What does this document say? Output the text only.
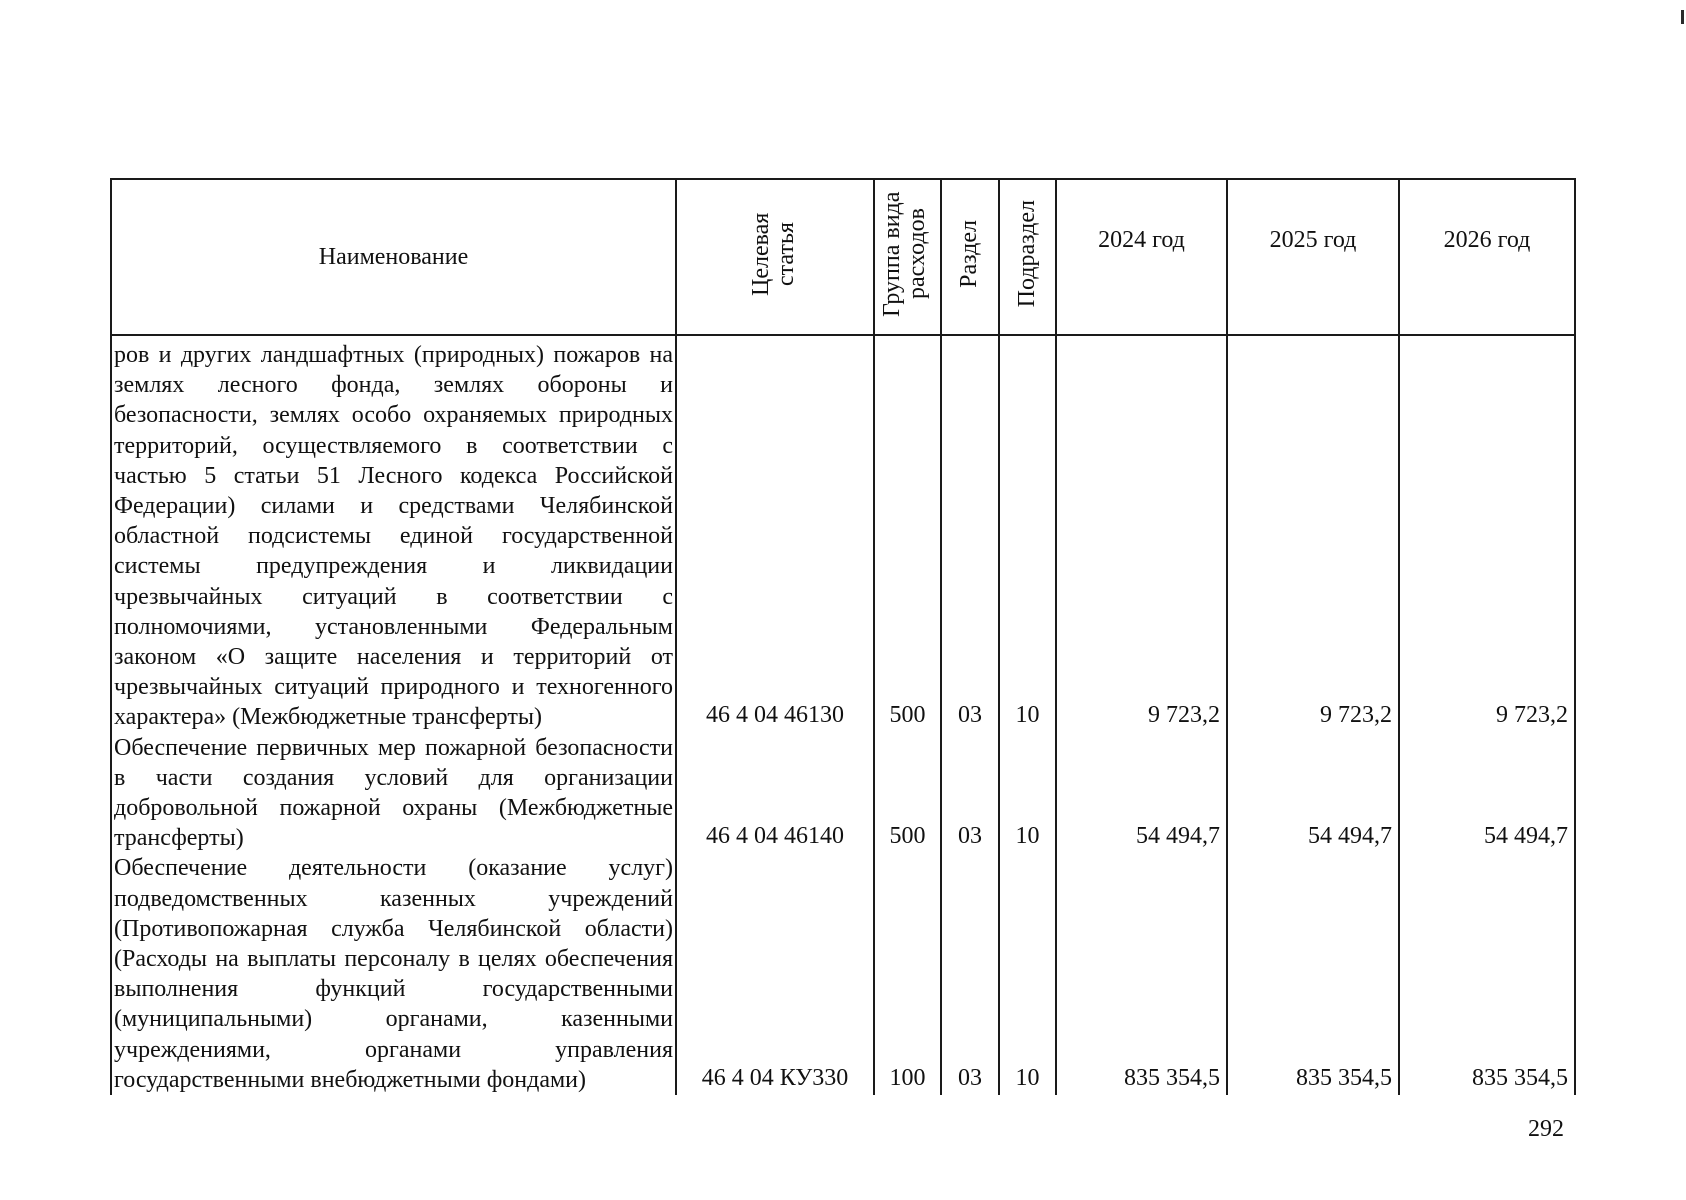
Наименование	Целевая статья	Группа вида расходов	Раздел	Подраздел	2024 год	2025 год	2026 год

ров и других ландшафтных (природных) пожаров на землях лесного фонда, землях обороны и безопасности, землях особо охраняемых природных территорий, осуществляемого в соответствии с частью 5 статьи 51 Лесного кодекса Российской Федерации) силами и средствами Челябинской областной подсистемы единой государственной системы предупреждения и ликвидации чрезвычайных ситуаций в соответствии с полномочиями, установленными Федеральным законом «О защите населения и территорий от чрезвычайных ситуаций природного и техногенного характера» (Межбюджетные трансферты)	46 4 04 46130	500	03	10	9 723,2	9 723,2	9 723,2
Обеспечение первичных мер пожарной безопасности в части создания условий для организации добровольной пожарной охраны (Межбюджетные трансферты)	46 4 04 46140	500	03	10	54 494,7	54 494,7	54 494,7
Обеспечение деятельности (оказание услуг) подведомственных казенных учреждений (Противопожарная служба Челябинской области) (Расходы на выплаты персоналу в целях обеспечения выполнения функций государственными (муниципальными) органами, казенными учреждениями, органами управления государственными внебюджетными фондами)	46 4 04 КУ330	100	03	10	835 354,5	835 354,5	835 354,5
292
